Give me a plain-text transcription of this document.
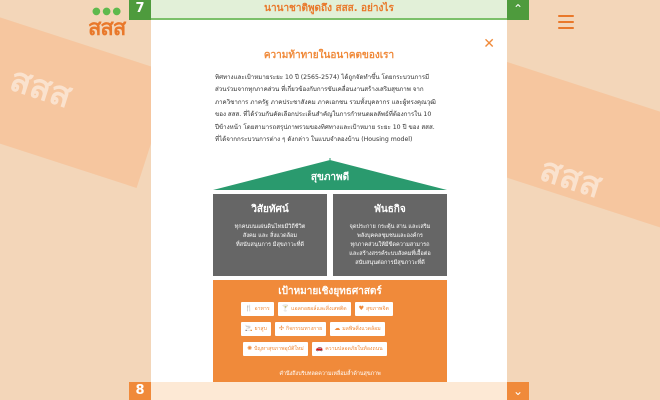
สสส
สสส
● ● ●
สสส
7	นานาชาติพูดถึง สสส. อย่างไร	⌃
✕
ความท้าทายในอนาคตของเรา
ทิศทางและเป้าหมายระยะ 10 ปี (2565-2574) ได้ถูกจัดทำขึ้น โดยกระบวนการมี
ส่วนร่วมจากทุกภาคส่วน ที่เกี่ยวข้องกับการขับเคลื่อนงานสร้างเสริมสุขภาพ จาก
ภาควิชาการ ภาครัฐ ภาคประชาสังคม ภาคเอกชน รวมทั้งบุคลากร และผู้ทรงคุณวุฒิ
ของ สสส. ที่ได้ร่วมกันคัดเลือกประเด็นสำคัญในการกำหนดผลลัพธ์ที่ต้องการใน 10
ปีข้างหน้า โดยสามารถสรุปภาพรวมของทิศทางและเป้าหมาย ระยะ 10 ปี ของ สสส.
ที่ได้จากกระบวนการต่าง ๆ ดังกล่าว ในแบบจำลองบ้าน (Housing model)
สุขภาพดี
วิสัยทัศน์
ทุกคนบนแผ่นดินไทยมีวิถีชีวิต
สังคม และ สิ่งแวดล้อม
ที่สนับสนุนการ มีสุขภาวะที่ดี
พันธกิจ
จุดประกาย กระตุ้น สาน และเสริม
พลังบุคคลชุมชนและองค์กร
ทุกภาคส่วนให้มีขีดความสามารถ
และสร้างสรรค์ระบบสังคมที่เอื้อต่อ
สนับสนุนต่อการมีสุขภาวะที่ดี
เป้าหมายเชิงยุทธศาสตร์
🍴 อาหาร	🍸 แอลกอฮอล์และสิ่งเสพติด	♥ สุขภาพจิต
🚬 ยาสูบ	✣ กิจกรรมทางกาย	☁ มลพิษสิ่งแวดล้อม
✺ ปัญหาสุขภาพอุบัติใหม่	🚗 ความปลอดภัยในท้องถนน
คำนึงถึงบริบทลดความเหลื่อมล้ำด้านสุขภาพ
8	⌄
